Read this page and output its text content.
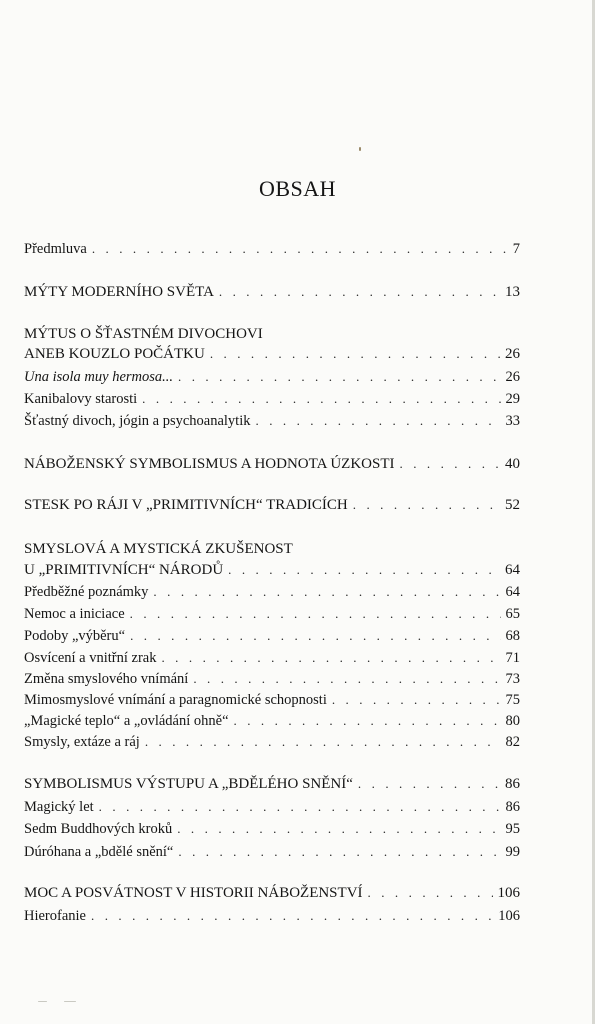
OBSAH
Předmluva . . .	7
MÝTY MODERNÍHO SVĚTA . . .	13
MÝTUS O ŠŤASTNÉM DIVOCHOVI
ANEB KOUZLO POČÁTKU . . .	26
Una isola muy hermosa... . . .	26
Kanibalovy starosti . . .	29
Šťastný divoch, jógin a psychoanalytik . . .	33
NÁBOŽENSKÝ SYMBOLISMUS A HODNOTA ÚZKOSTI . . .	40
STESK PO RÁJI V „PRIMITIVNÍCH“ TRADICÍCH . . .	52
SMYSLOVÁ A MYSTICKÁ ZKUŠENOST
U „PRIMITIVNÍCH“ NÁRODŮ . . .	64
Předběžné poznámky . . .	64
Nemoc a iniciace . . .	65
Podoby „výběru“ . . .	68
Osvícení a vnitřní zrak . . .	71
Změna smyslového vnímání . . .	73
Mimosmyslové vnímání a paragnomické schopnosti . . .	75
„Magické teplo“ a „ovládání ohně“ . . .	80
Smysly, extáze a ráj . . .	82
SYMBOLISMUS VÝSTUPU A „BDĚLÉHO SNĚNÍ“ . . .	86
Magický let . . .	86
Sedm Buddhových kroků . . .	95
Dúróhana a „bdělé snění“ . . .	99
MOC A POSVÁTNOST V HISTORII NÁBOŽENSTVÍ . . .	106
Hierofanie . . .	106
